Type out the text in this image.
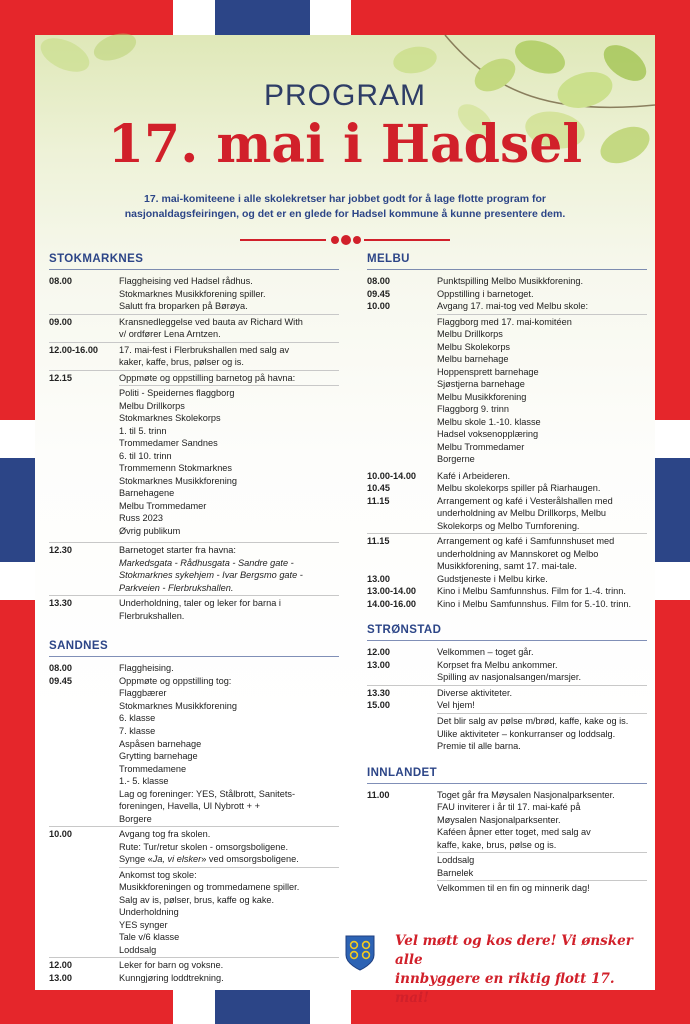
PROGRAM
17. mai i Hadsel
17. mai-komiteene i alle skolekretser har jobbet godt for å lage flotte program for
nasjonaldagsfeiringen, og det er en glede for Hadsel kommune å kunne presentere dem.
STOKMARKNES
08.00	Flaggheising ved Hadsel rådhus.
Stokmarknes Musikkforening spiller.
Salutt fra broparken på Børøya.
09.00	Kransnedleggelse ved bauta av Richard With
v/ ordfører Lena Arntzen.
12.00-16.00	17. mai-fest i Flerbrukshallen med salg av
kaker, kaffe, brus, pølser og is.
12.15	Oppmøte og oppstilling barnetog på havna:
Politi - Speidernes flaggborg
Melbu Drillkorps
Stokmarknes Skolekorps
1. til 5. trinn
Trommedamer Sandnes
6. til 10. trinn
Trommemenn Stokmarknes
Stokmarknes Musikkforening
Barnehagene
Melbu Trommedamer
Russ 2023
Øvrig publikum
12.30	Barnetoget starter fra havna:
Markedsgata - Rådhusgata - Sandre gate -
Stokmarknes sykehjem - Ivar Bergsmo gate -
Parkveien - Flerbrukshallen.
13.30	Underholdning, taler og leker for barna i
Flerbrukshallen.
SANDNES
08.00	Flaggheising.
09.45	Oppmøte og oppstilling tog:
Flaggbærer
Stokmarknes Musikkforening
6. klasse
7. klasse
Aspåsen barnehage
Grytting barnehage
Trommedamene
1.- 5. klasse
Lag og foreninger: YES, Stålbrott, Sanitets-
foreningen, Havella, Ul Nybrott + +
Borgere
10.00	Avgang tog fra skolen.
Rute: Tur/retur skolen - omsorgsboligene.
Synge «Ja, vi elsker» ved omsorgsboligene.
Ankomst tog skole:
Musikkforeningen og trommedamene spiller.
Salg av is, pølser, brus, kaffe og kake.
Underholdning
YES synger
Tale v/6 klasse
Loddsalg
12.00	Leker for barn og voksne.
13.00	Kunngjøring loddtrekning.
MELBU
08.00	Punktspilling Melbo Musikkforening.
09.45	Oppstilling i barnetoget.
10.00	Avgang 17. mai-tog ved Melbu skole:
Flaggborg med 17. mai-komitéen
Melbu Drillkorps
Melbu Skolekorps
Melbu barnehage
Hoppensprett barnehage
Sjøstjerna barnehage
Melbu Musikkforening
Flaggborg 9. trinn
Melbu skole 1.-10. klasse
Hadsel voksenopplæring
Melbu Trommedamer
Borgerne
10.00-14.00	Kafé i Arbeideren.
10.45	Melbu skolekorps spiller på Riarhaugen.
11.15	Arrangement og kafé i Vesterålshallen med
underholdning av Melbu Drillkorps, Melbu
Skolekorps og Melbo Turnforening.
11.15	Arrangement og kafé i Samfunnshuset med
underholdning av Mannskoret og Melbo
Musikkforening, samt 17. mai-tale.
13.00	Gudstjeneste i Melbu kirke.
13.00-14.00	Kino i Melbu Samfunnshus. Film for 1.-4. trinn.
14.00-16.00	Kino i Melbu Samfunnshus. Film for 5.-10. trinn.
STRØNSTAD
12.00	Velkommen – toget går.
13.00	Korpset fra Melbu ankommer.
Spilling av nasjonalsangen/marsjer.
13.30	Diverse aktiviteter.
15.00	Vel hjem!
Det blir salg av pølse m/brød, kaffe, kake og is.
Ulike aktiviteter – konkurranser og loddsalg.
Premie til alle barna.
INNLANDET
11.00	Toget går fra Møysalen Nasjonalparksenter.
FAU inviterer i år til 17. mai-kafé på
Møysalen Nasjonalparksenter.
Kaféen åpner etter toget, med salg av
kaffe, kake, brus, pølse og is.
Loddsalg
Barnelek
Velkommen til en fin og minnerik dag!
Vel møtt og kos dere! Vi ønsker alle
innbyggere en riktig flott 17. mai!
